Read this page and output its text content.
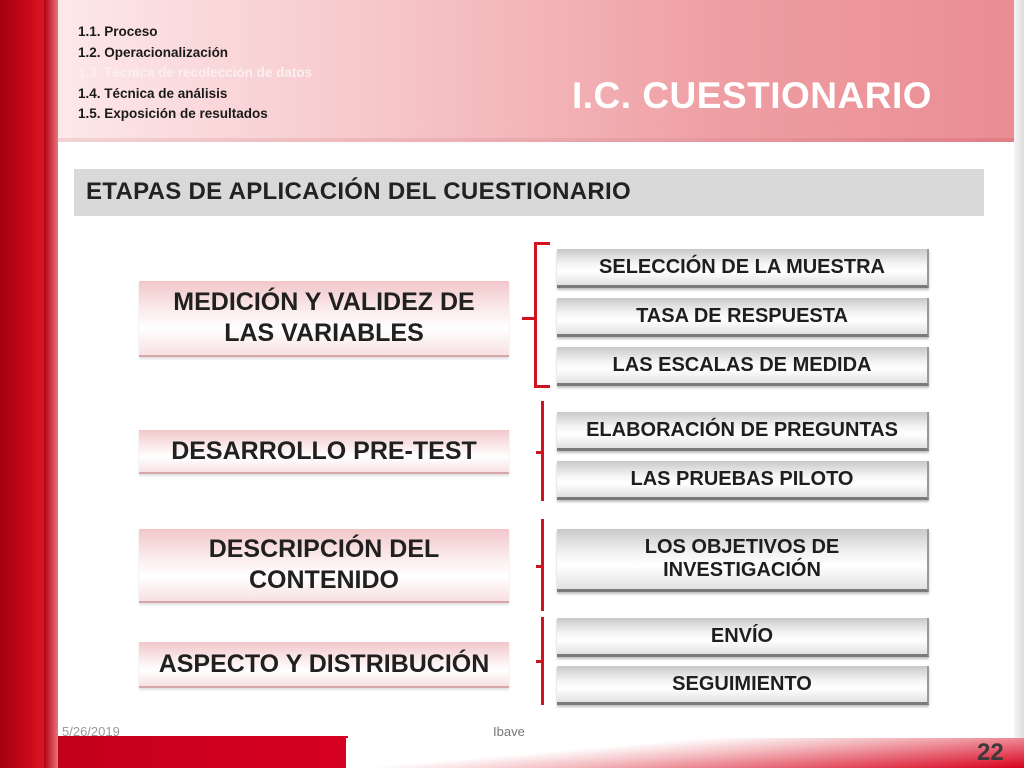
1.1. Proceso
1.2. Operacionalización
1.3. Técnica de recolección de datos
1.4. Técnica de análisis
1.5. Exposición de resultados	I.C. CUESTIONARIO
ETAPAS DE APLICACIÓN DEL CUESTIONARIO
MEDICIÓN Y VALIDEZ DE LAS VARIABLES
SELECCIÓN DE LA MUESTRA
TASA DE RESPUESTA
LAS ESCALAS DE MEDIDA
DESARROLLO PRE-TEST
ELABORACIÓN DE PREGUNTAS
LAS PRUEBAS PILOTO
DESCRIPCIÓN DEL CONTENIDO
LOS OBJETIVOS DE INVESTIGACIÓN
ASPECTO Y DISTRIBUCIÓN
ENVÍO
SEGUIMIENTO
5/26/2019	Ibave
22
